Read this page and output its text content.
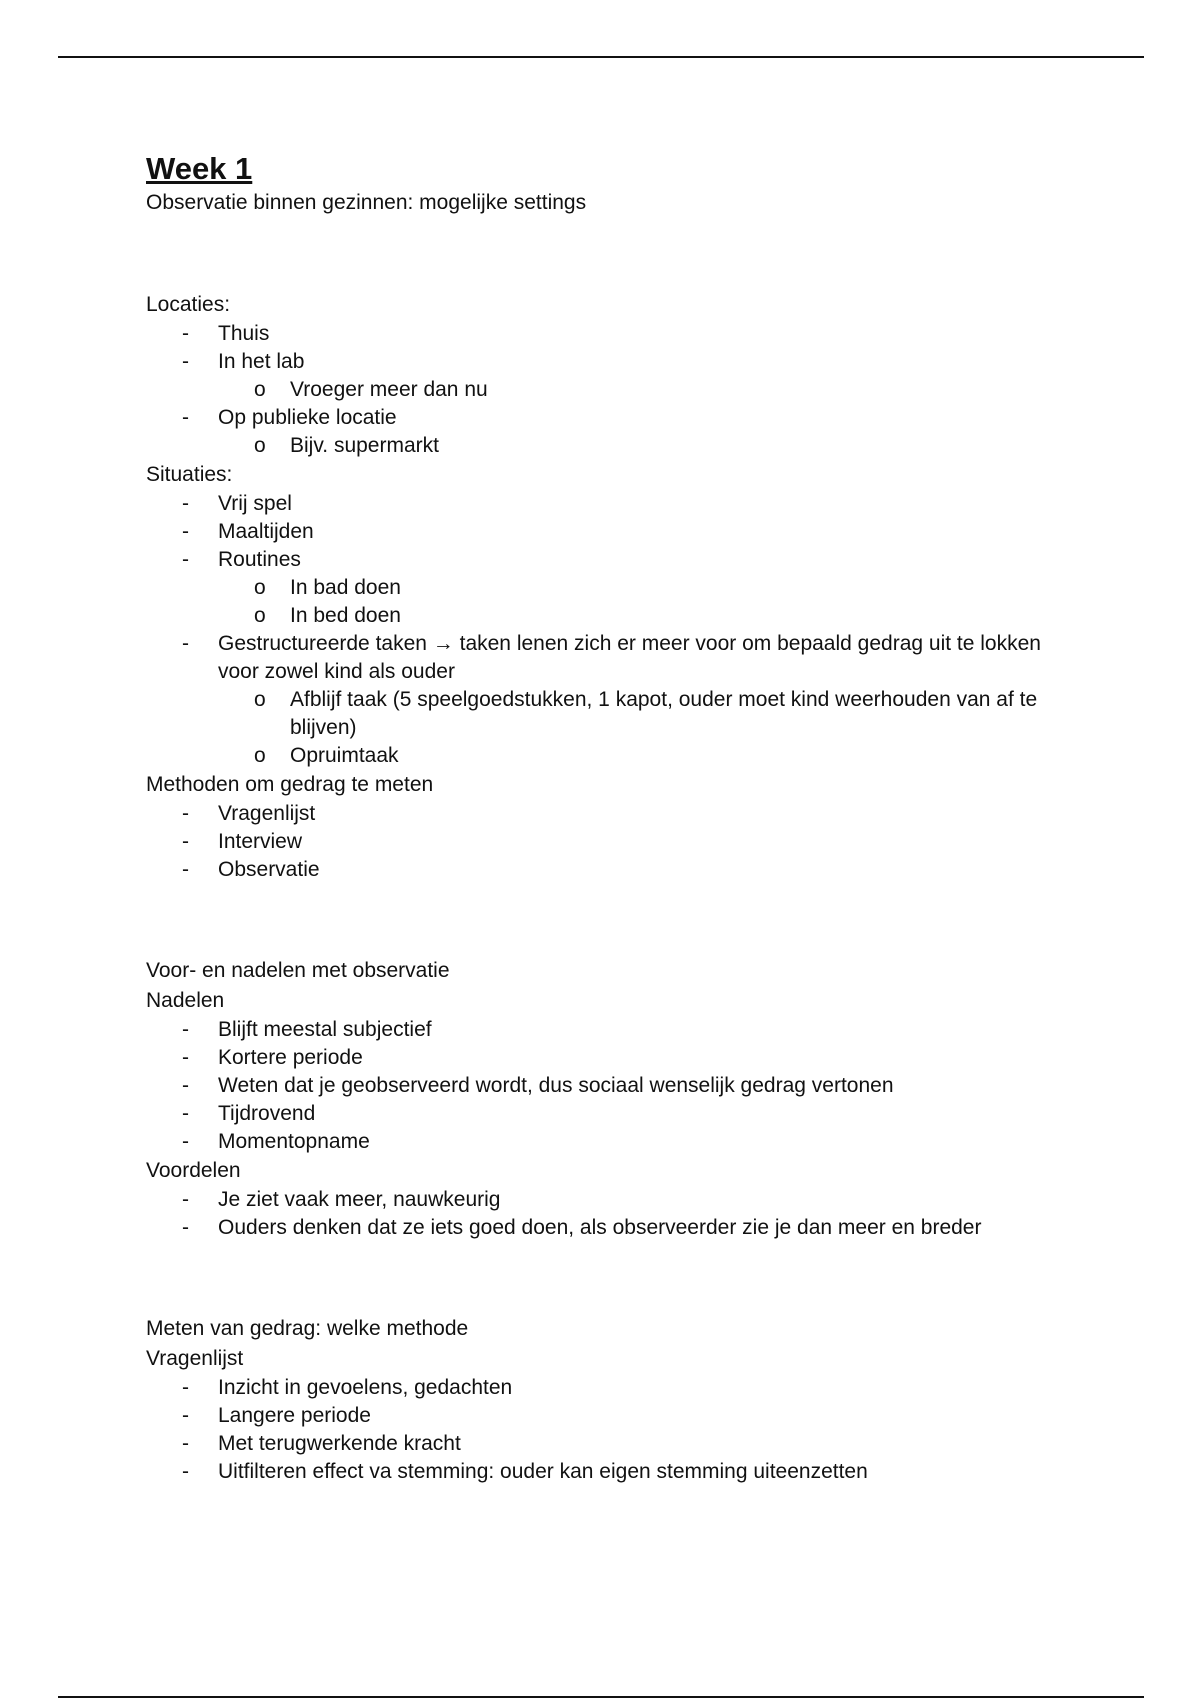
Week 1

Observatie binnen gezinnen: mogelijke settings

Locaties:

- Thuis
- In het lab
o Vroeger meer dan nu
- Op publieke locatie
o Bijv. supermarkt

Situaties:

- Vrij spel
- Maaltijden
- Routines
o In bad doen
o In bed doen
- Gestructureerde taken → taken lenen zich er meer voor om bepaald gedrag uit te lokken voor zowel kind als ouder
o Afblijf taak (5 speelgoedstukken, 1 kapot, ouder moet kind weerhouden van af te blijven)
o Opruimtaak

Methoden om gedrag te meten

- Vragenlijst
- Interview
- Observatie

Voor- en nadelen met observatie

Nadelen

- Blijft meestal subjectief
- Kortere periode
- Weten dat je geobserveerd wordt, dus sociaal wenselijk gedrag vertonen
- Tijdrovend
- Momentopname

Voordelen

- Je ziet vaak meer, nauwkeurig
- Ouders denken dat ze iets goed doen, als observeerder zie je dan meer en breder

Meten van gedrag: welke methode

Vragenlijst

- Inzicht in gevoelens, gedachten
- Langere periode
- Met terugwerkende kracht
- Uitfilteren effect va stemming: ouder kan eigen stemming uiteenzetten
